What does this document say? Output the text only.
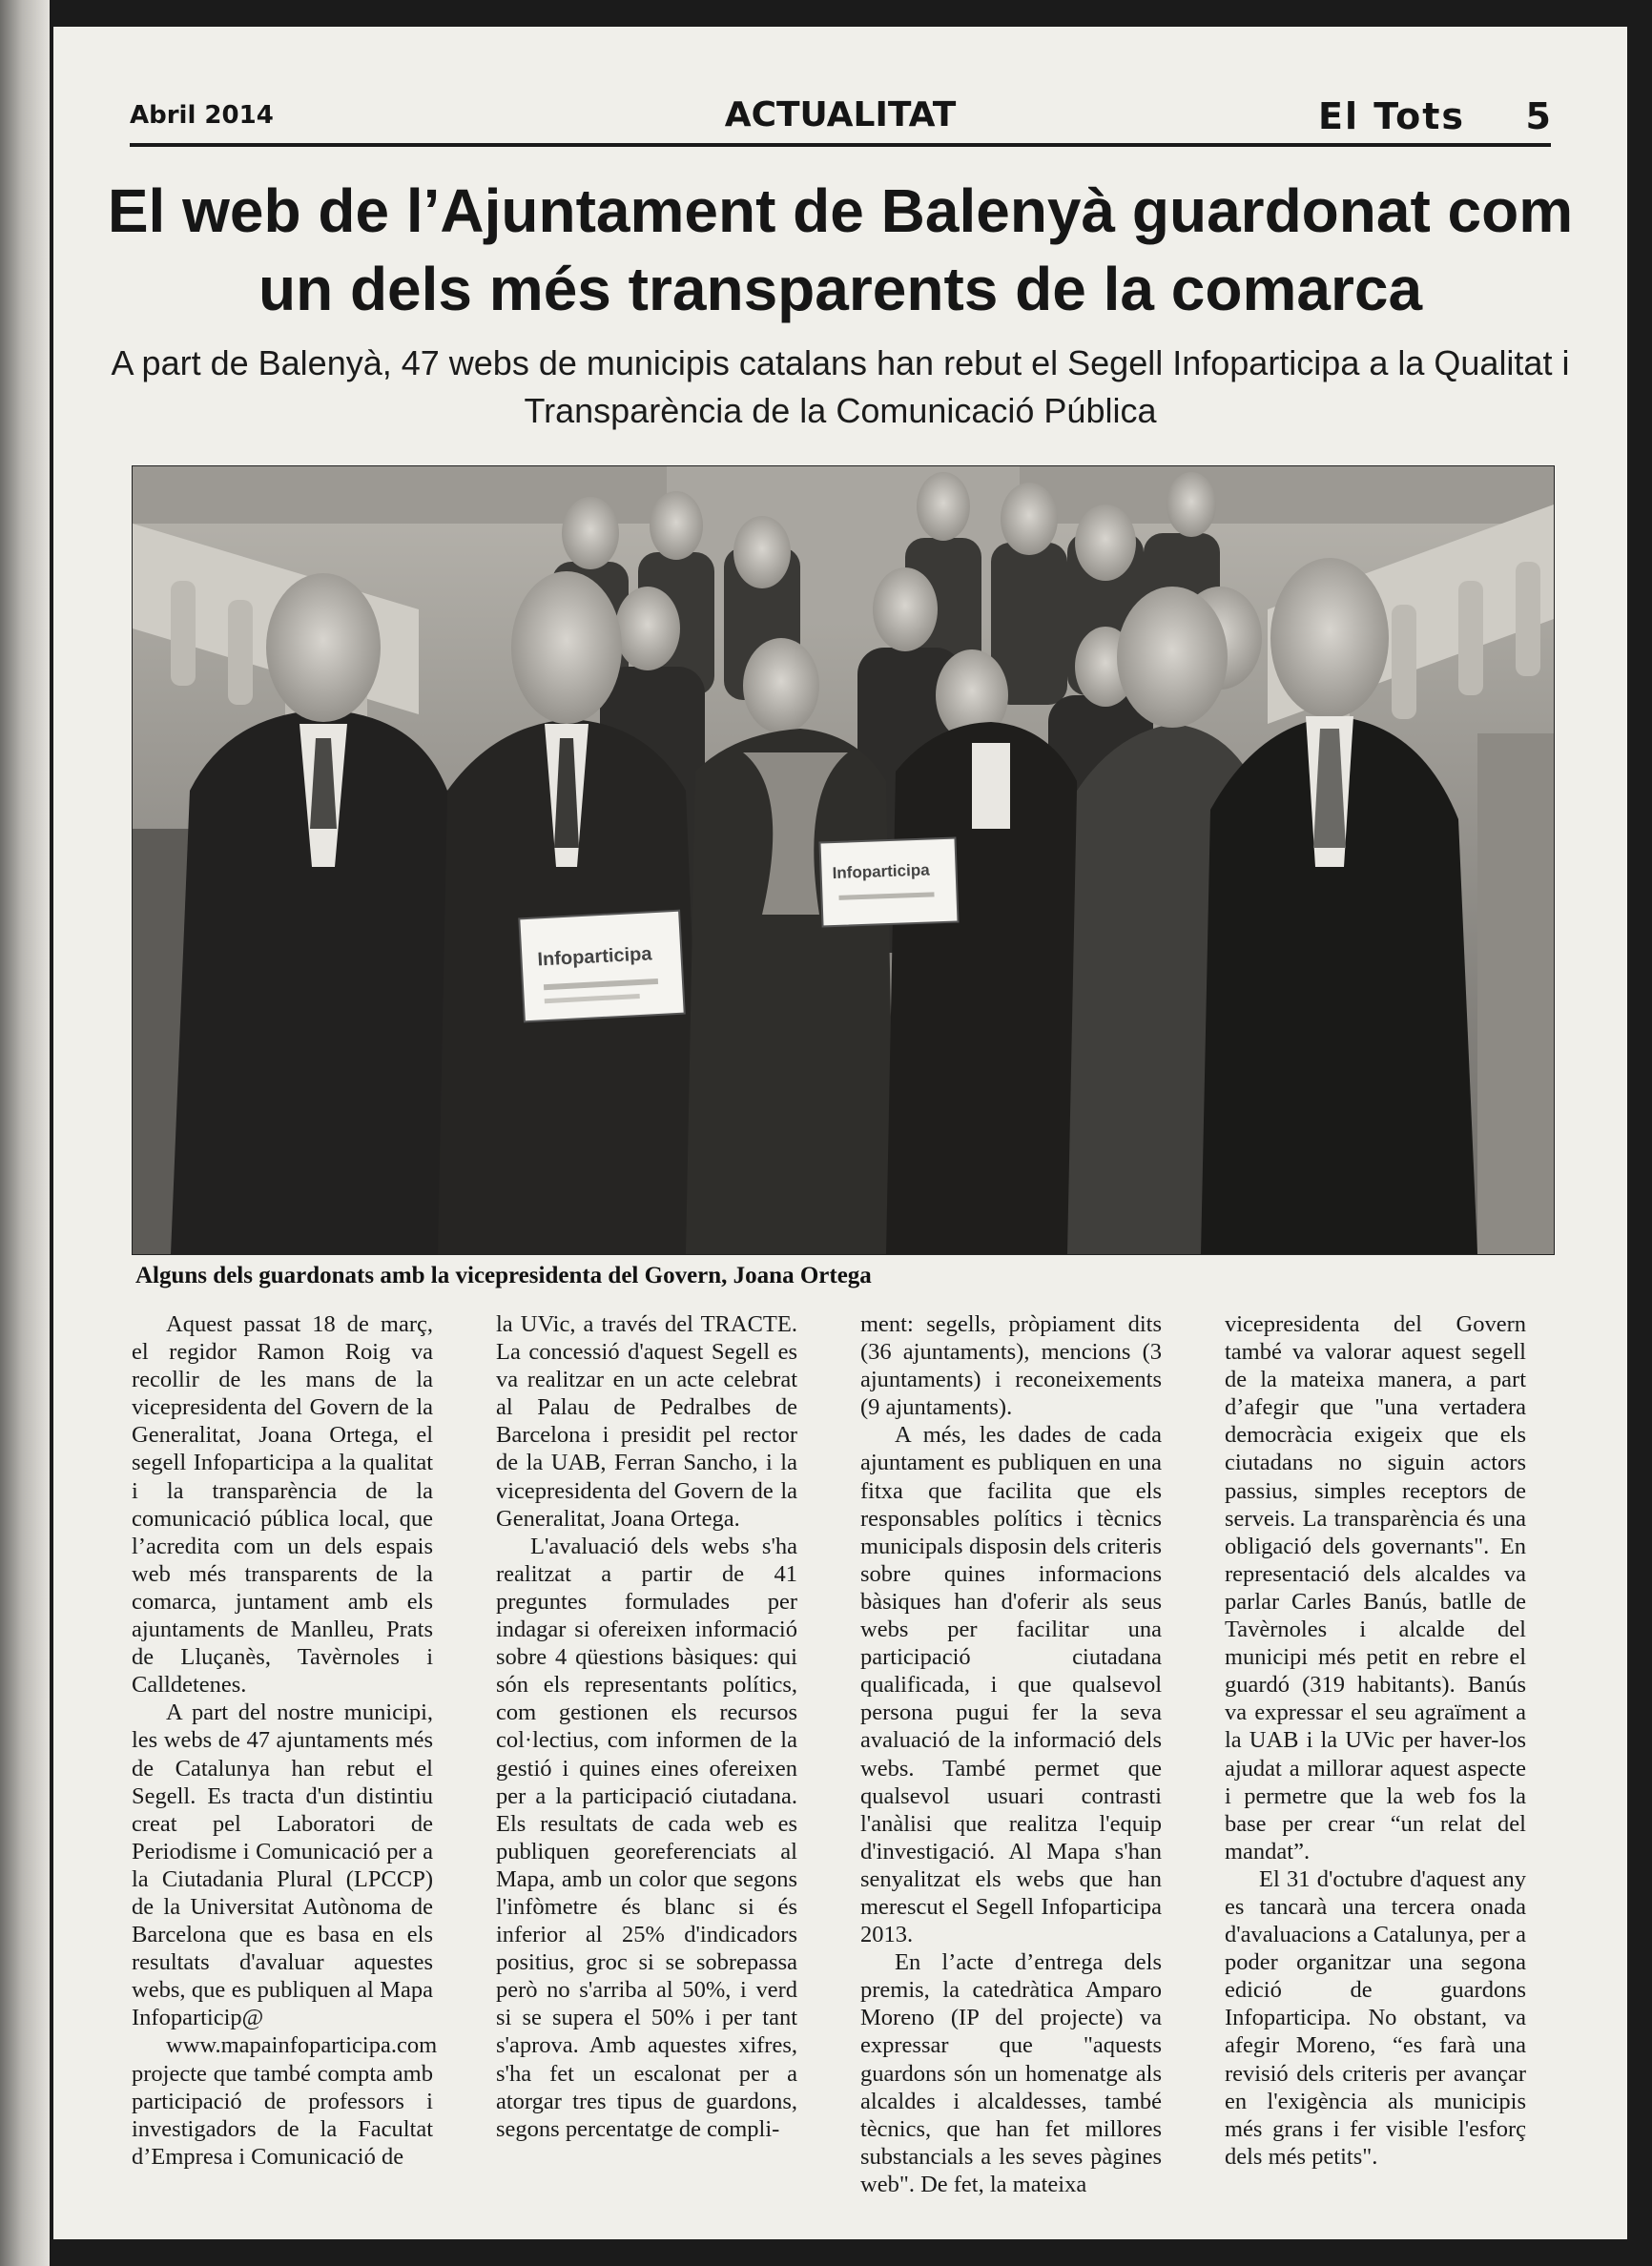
Abril 2014	ACTUALITAT	El Tots 5
El web de l’Ajuntament de Balenyà guardonat com un dels més transparents de la comarca

A part de Balenyà, 47 webs de municipis catalans han rebut el Segell Infoparticipa a la Qualitat i Transparència de la Comunicació Pública

Infoparticipa
Infoparticipa
Alguns dels guardonats amb la vicepresidenta del Govern, Joana Ortega

Aquest passat 18 de març, el regidor Ramon Roig va recollir de les mans de la vicepresidenta del Govern de la Generalitat, Joana Ortega, el segell Infoparticipa a la qualitat i la transparència de la comunicació pública local, que l’acredita com un dels espais web més transparents de la comarca, juntament amb els ajuntaments de Manlleu, Prats de Lluçanès, Tavèrnoles i Calldetenes.

A part del nostre municipi, les webs de 47 ajuntaments més de Catalunya han rebut el Segell. Es tracta d'un distintiu creat pel Laboratori de Periodisme i Comunicació per a la Ciutadania Plural (LPCCP) de la Universitat Autònoma de Barcelona que es basa en els resultats d'avaluar aquestes webs, que es publiquen al Mapa Infoparticip@

www.mapainfoparticipa.com projecte que també compta amb participació de professors i investigadors de la Facultat d’Empresa i Comunicació de

la UVic, a través del TRACTE. La concessió d'aquest Segell es va realitzar en un acte celebrat al Palau de Pedralbes de Barcelona i presidit pel rector de la UAB, Ferran Sancho, i la vicepresidenta del Govern de la Generalitat, Joana Ortega.

L'avaluació dels webs s'ha realitzat a partir de 41 preguntes formulades per indagar si ofereixen informació sobre 4 qüestions bàsiques: qui són els representants polítics, com gestionen els recursos col·lectius, com informen de la gestió i quines eines ofereixen per a la participació ciutadana. Els resultats de cada web es publiquen georeferenciats al Mapa, amb un color que segons l'infòmetre és blanc si és inferior al 25% d'indicadors positius, groc si se sobrepassa però no s'arriba al 50%, i verd si se supera el 50% i per tant s'aprova. Amb aquestes xifres, s'ha fet un escalonat per a atorgar tres tipus de guardons, segons percentatge de compli-

ment: segells, pròpiament dits (36 ajuntaments), mencions (3 ajuntaments) i reconeixements (9 ajuntaments).

A més, les dades de cada ajuntament es publiquen en una fitxa que facilita que els responsables polítics i tècnics municipals disposin dels criteris sobre quines informacions bàsiques han d'oferir als seus webs per facilitar una participació ciutadana qualificada, i que qualsevol persona pugui fer la seva avaluació de la informació dels webs. També permet que qualsevol usuari contrasti l'anàlisi que realitza l'equip d'investigació. Al Mapa s'han senyalitzat els webs que han merescut el Segell Infoparticipa 2013.

En l’acte d’entrega dels premis, la catedràtica Amparo Moreno (IP del projecte) va expressar que "aquests guardons són un homenatge als alcaldes i alcaldesses, també tècnics, que han fet millores substancials a les seves pàgines web". De fet, la mateixa

vicepresidenta del Govern també va valorar aquest segell de la mateixa manera, a part d’afegir que "una vertadera democràcia exigeix que els ciutadans no siguin actors passius, simples receptors de serveis. La transparència és una obligació dels governants". En representació dels alcaldes va parlar Carles Banús, batlle de Tavèrnoles i alcalde del municipi més petit en rebre el guardó (319 habitants). Banús va expressar el seu agraïment a la UAB i la UVic per haver-los ajudat a millorar aquest aspecte i permetre que la web fos la base per crear “un relat del mandat”.

El 31 d'octubre d'aquest any es tancarà una tercera onada d'avaluacions a Catalunya, per a poder organitzar una segona edició de guardons Infoparticipa. No obstant, va afegir Moreno, “es farà una revisió dels criteris per avançar en l'exigència als municipis més grans i fer visible l'esforç dels més petits".
